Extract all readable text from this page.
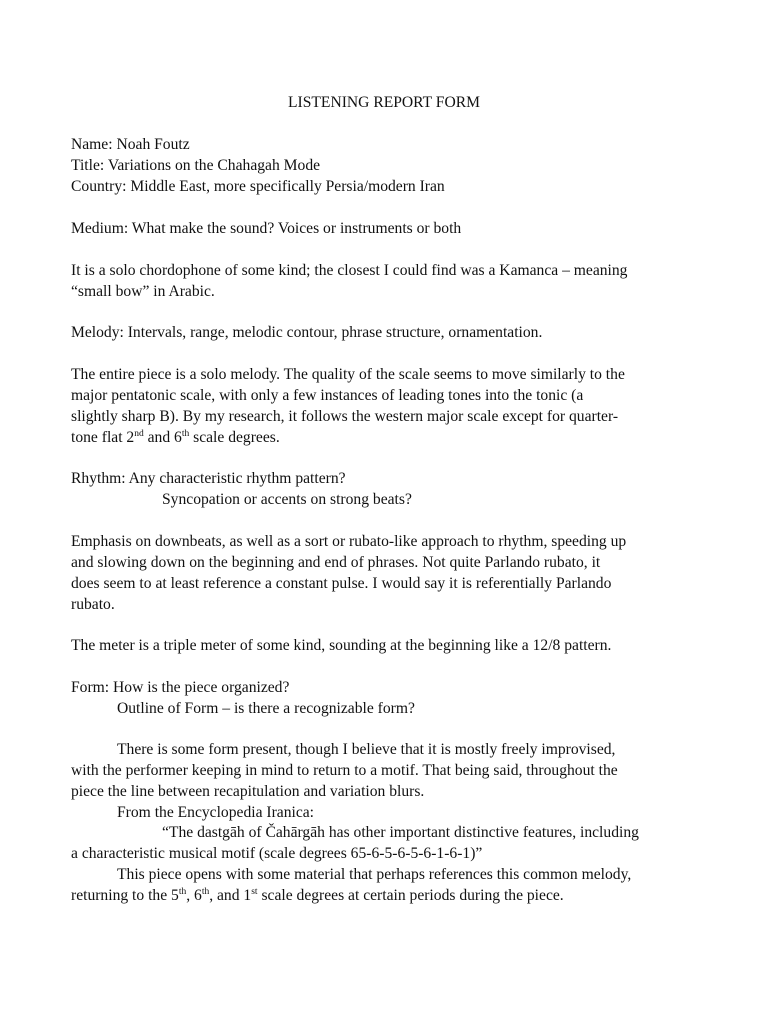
LISTENING REPORT FORM
Name: Noah Foutz
Title: Variations on the Chahagah Mode
Country: Middle East, more specifically Persia/modern Iran
Medium: What make the sound? Voices or instruments or both
It is a solo chordophone of some kind; the closest I could find was a Kamanca – meaning
“small bow” in Arabic.
Melody: Intervals, range, melodic contour, phrase structure, ornamentation.
The entire piece is a solo melody. The quality of the scale seems to move similarly to the
major pentatonic scale, with only a few instances of leading tones into the tonic (a
slightly sharp B). By my research, it follows the western major scale except for quarter-
tone flat 2nd and 6th scale degrees.
Rhythm: Any characteristic rhythm pattern?
Syncopation or accents on strong beats?
Emphasis on downbeats, as well as a sort or rubato-like approach to rhythm, speeding up
and slowing down on the beginning and end of phrases. Not quite Parlando rubato, it
does seem to at least reference a constant pulse. I would say it is referentially Parlando
rubato.
The meter is a triple meter of some kind, sounding at the beginning like a 12/8 pattern.
Form: How is the piece organized?
Outline of Form – is there a recognizable form?
There is some form present, though I believe that it is mostly freely improvised,
with the performer keeping in mind to return to a motif. That being said, throughout the
piece the line between recapitulation and variation blurs.
From the Encyclopedia Iranica:
“The dastgāh of Čahārgāh has other important distinctive features, including
a characteristic musical motif (scale degrees 65-6-5-6-5-6-1-6-1)”
This piece opens with some material that perhaps references this common melody,
returning to the 5th, 6th, and 1st scale degrees at certain periods during the piece.
